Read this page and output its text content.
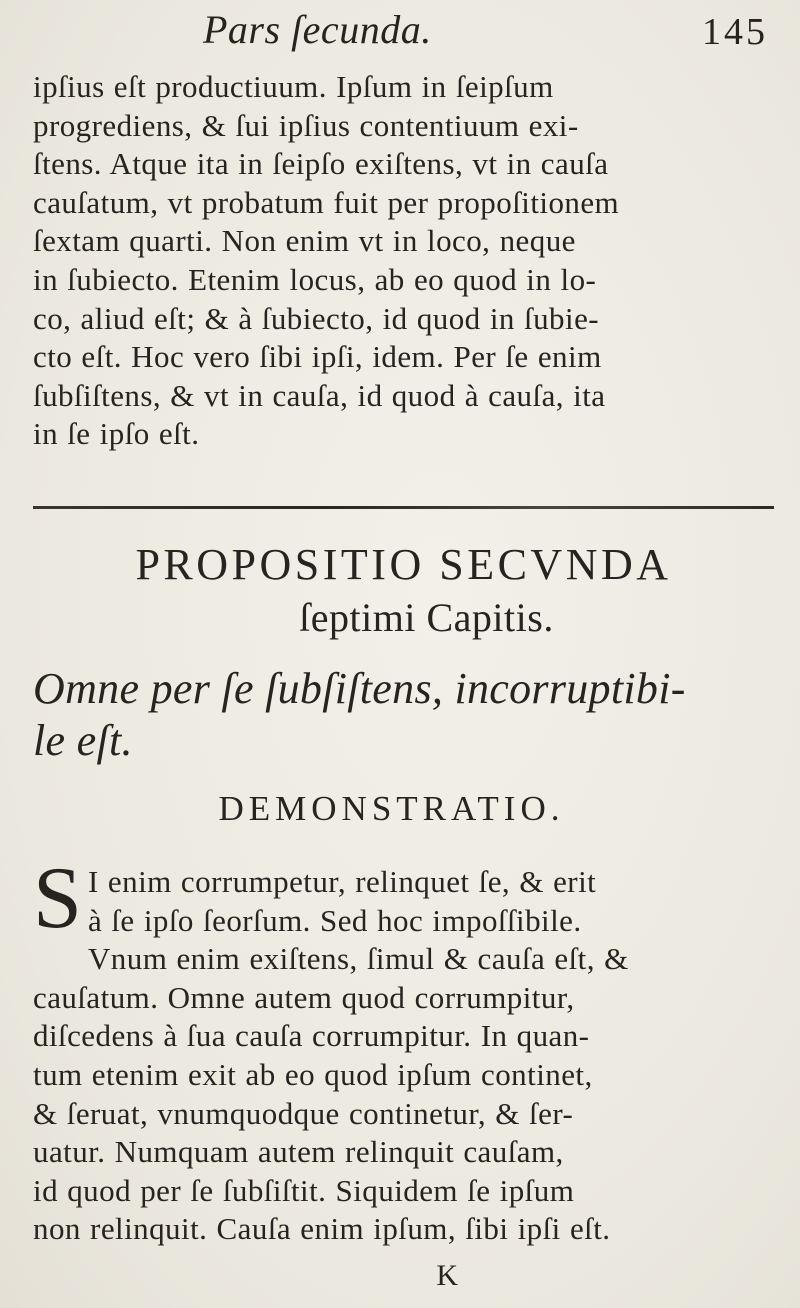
Pars ſecunda.	145

ipſius eſt productiuum. Ipſum in ſeipſum
progrediens, & ſui ipſius contentiuum exi-
ſtens. Atque ita in ſeipſo exiſtens, vt in cauſa
cauſatum, vt probatum fuit per propoſitionem
ſextam quarti. Non enim vt in loco, neque
in ſubiecto. Etenim locus, ab eo quod in lo-
co, aliud eſt; & à ſubiecto, id quod in ſubie-
cto eſt. Hoc vero ſibi ipſi, idem. Per ſe enim
ſubſiſtens, & vt in cauſa, id quod à cauſa, ita
in ſe ipſo eſt.

PROPOSITIO SECVNDA
ſeptimi Capitis.
Omne per ſe ſubſiſtens, incorruptibi-
le eſt.
DEMONSTRATIO.
S I enim corrumpetur, relinquet ſe, & erit
à ſe ipſo ſeorſum. Sed hoc impoſſibile.
Vnum enim exiſtens, ſimul & cauſa eſt, &
cauſatum. Omne autem quod corrumpitur,
diſcedens à ſua cauſa corrumpitur. In quan-
tum etenim exit ab eo quod ipſum continet,
& ſeruat, vnumquodque continetur, & ſer-
uatur. Numquam autem relinquit cauſam,
id quod per ſe ſubſiſtit. Siquidem ſe ipſum
non relinquit. Cauſa enim ipſum, ſibi ipſi eſt.

K
